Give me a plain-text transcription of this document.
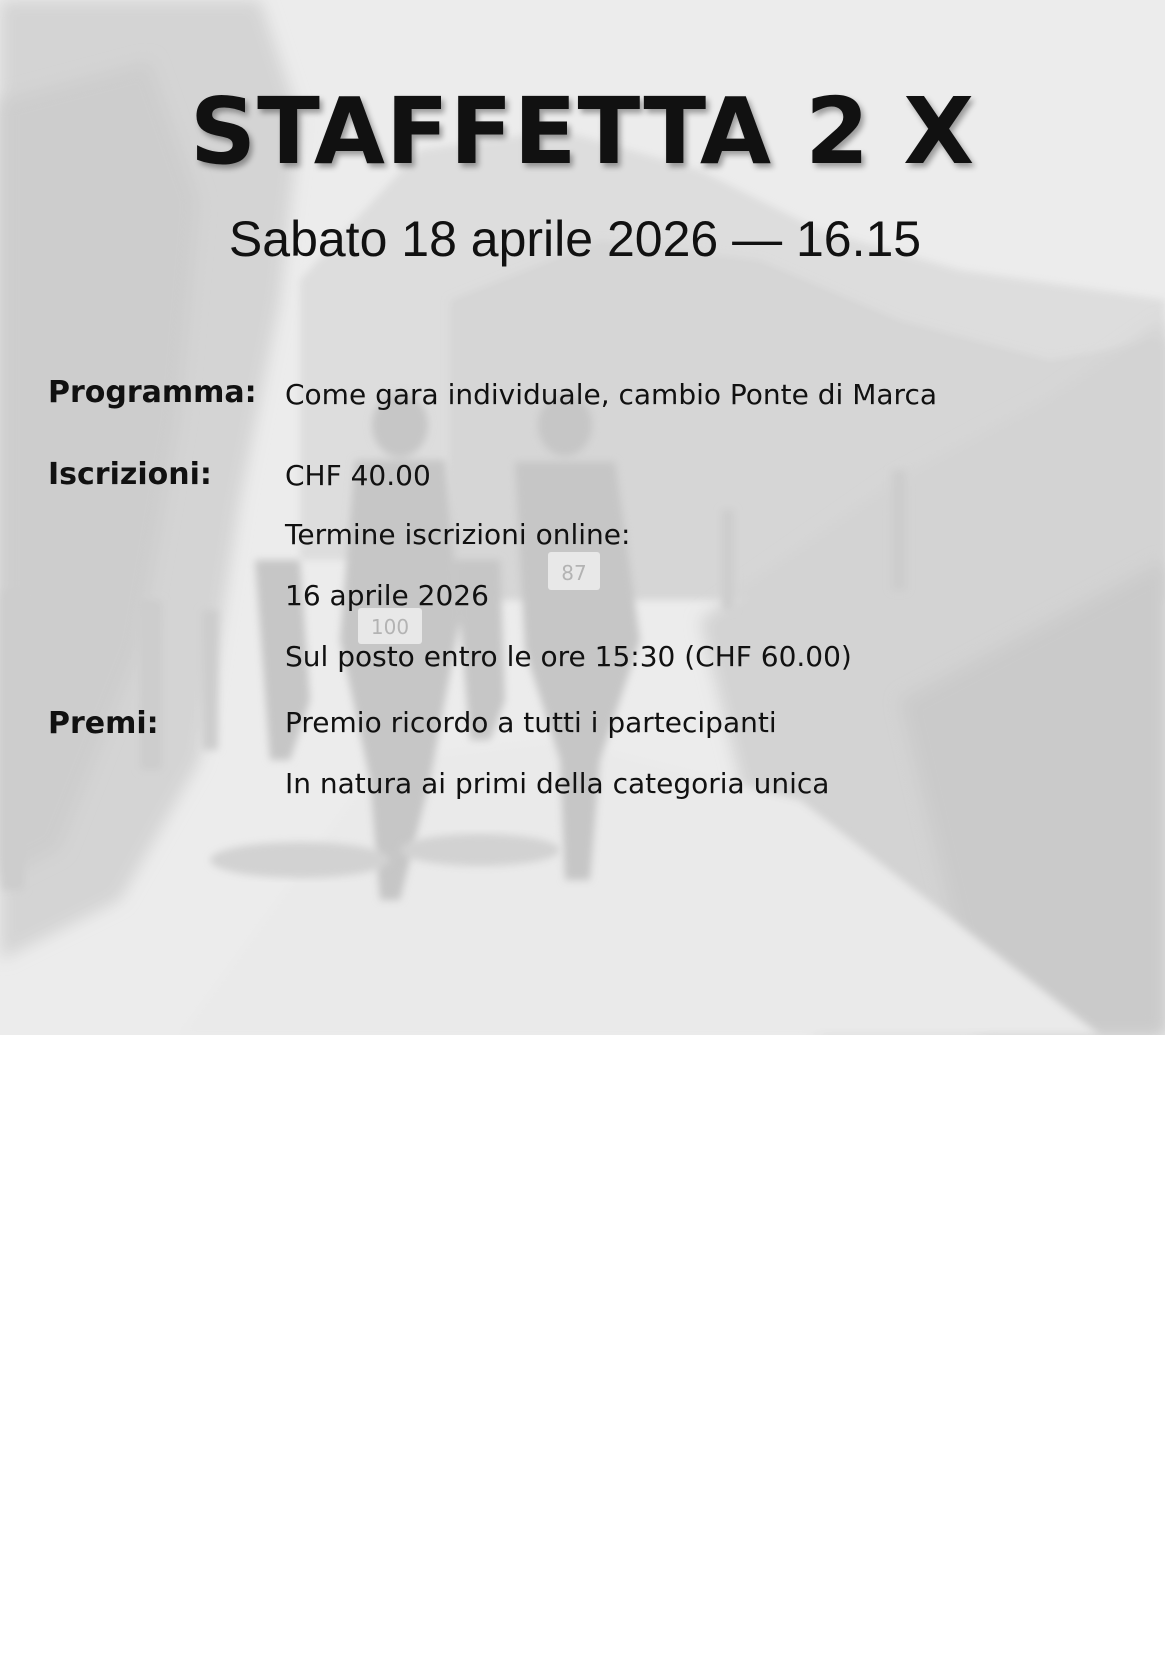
87
100
STAFFETTA 2 X
Sabato 18 aprile 2026 — 16.15
Programma: Come gara individuale, cambio Ponte di Marca
Iscrizioni:	CHF 40.00
Termine iscrizioni online:
16 aprile 2026
Sul posto entro le ore 15:30 (CHF 60.00)
Premi:	Premio ricordo a tutti i partecipanti
In natura ai primi della categoria unica
